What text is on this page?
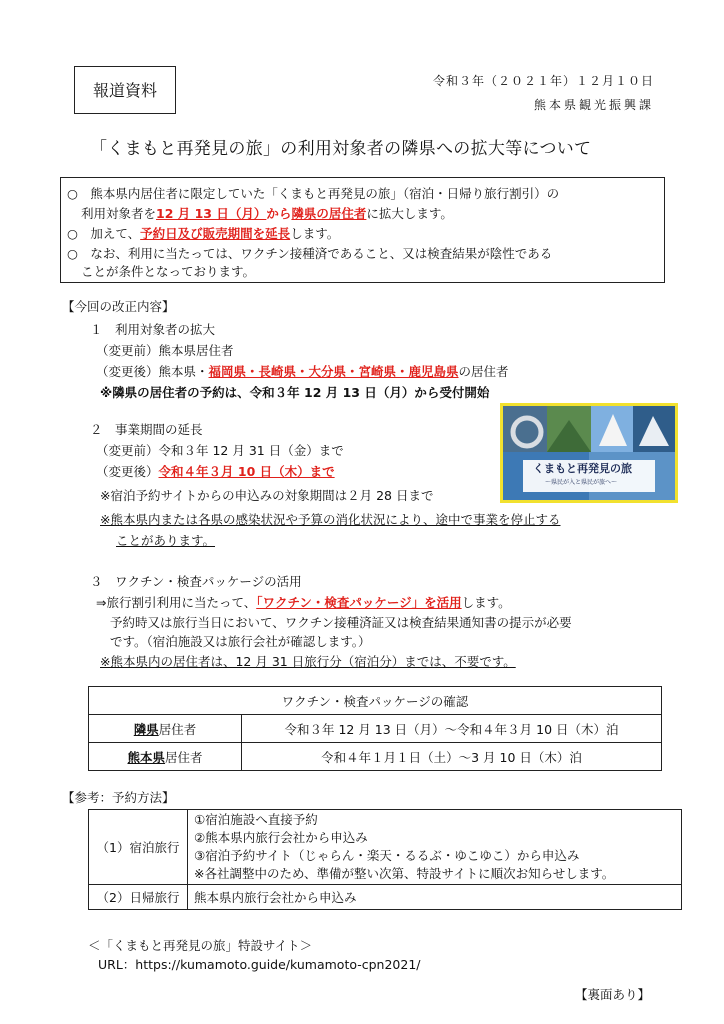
報道資料	令和３年（２０２１年）１２月１０日
熊本県観光振興課
「くまもと再発見の旅」の利用対象者の隣県への拡大等について
○　熊本県内居住者に限定していた「くまもと再発見の旅」（宿泊・日帰り旅行割引）の
利用対象者を12 月 13 日（月）から隣県の居住者に拡大します。
○　加えて、予約日及び販売期間を延長します。
○　なお、利用に当たっては、ワクチン接種済であること、又は検査結果が陰性である
ことが条件となっております。
【今回の改正内容】
１　利用対象者の拡大
（変更前）熊本県居住者
（変更後）熊本県・福岡県・長崎県・大分県・宮崎県・鹿児島県の居住者
※隣県の居住者の予約は、令和３年 12 月 13 日（月）から受付開始
２　事業期間の延長
（変更前）令和３年 12 月 31 日（金）まで
（変更後）令和４年３月 10 日（木）まで
※宿泊予約サイトからの申込みの対象期間は２月 28 日まで
※熊本県内または各県の感染状況や予算の消化状況により、途中で事業を停止する
ことがあります。
くまもと再発見の旅
～県民が入と県民が旅へ～
３　ワクチン・検査パッケージの活用
⇒旅行割引利用に当たって、「ワクチン・検査パッケージ」を活用します。
予約時又は旅行当日において、ワクチン接種済証又は検査結果通知書の提示が必要
です。（宿泊施設又は旅行会社が確認します。）
※熊本県内の居住者は、12 月 31 日旅行分（宿泊分）までは、不要です。
ワクチン・検査パッケージの確認	
隣県居住者	令和３年 12 月 13 日（月）～令和４年３月 10 日（木）泊
熊本県居住者	令和４年１月１日（土）～3 月 10 日（木）泊
【参考：予約方法】
（1）宿泊旅行	①宿泊施設へ直接予約
②熊本県内旅行会社から申込み
③宿泊予約サイト（じゃらん・楽天・るるぶ・ゆこゆこ）から申込み
※各社調整中のため、準備が整い次第、特設サイトに順次お知らせします。

（2）日帰旅行	熊本県内旅行会社から申込み
＜「くまもと再発見の旅」特設サイト＞
URL：https://kumamoto.guide/kumamoto-cpn2021/
【裏面あり】
